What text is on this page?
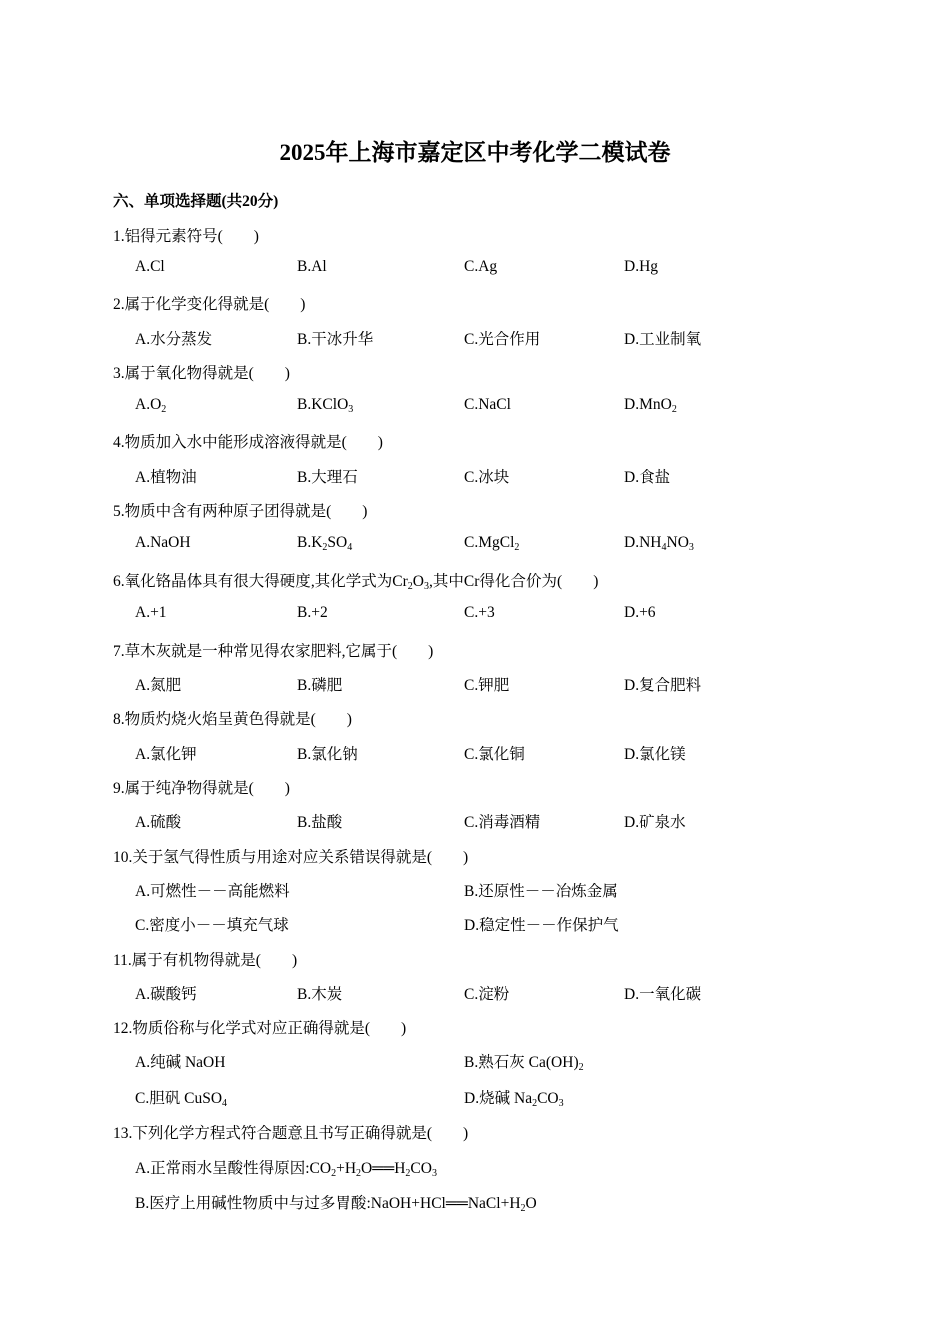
2025年上海市嘉定区中考化学二模试卷
六、单项选择题(共20分)
1.铝得元素符号(　　)
A.Cl	B.Al	C.Ag	D.Hg
2.属于化学变化得就是(　　)
A.水分蒸发	B.干冰升华	C.光合作用	D.工业制氧
3.属于氧化物得就是(　　)
$A.O_2$	B.KClO$_3$	C.NaCl	D.MnO$_2$
4.物质加入水中能形成溶液得就是(　　)
A.植物油	B.大理石	C.冰块	D.食盐
5.物质中含有两种原子团得就是(　　)
A.NaOH	$B.K_2SO_4$	C.MgCl$_2$	$D.NH_4NO_3$
6.氧化铬晶体具有很大得硬度,其化学式为$Cr_2O_3$,其中Cr得化合价为(　　 )
A.+1	B.+2	C.+3	D.+6
7.草木灰就是一种常见得农家肥料,它属于(　　)
A.氮肥	B.磷肥	C.钾肥	D.复合肥料
8.物质灼烧火焰呈黄色得就是(　　)
A.氯化钾	B.氯化钠	C.氯化铜	D.氯化镁
9.属于纯净物得就是(　　)
A.硫酸	B.盐酸	C.消毒酒精	D.矿泉水
10.关于氢气得性质与用途对应关系错误得就是(　　)
A.可燃性－－高能燃料	B.还原性－－冶炼金属
C.密度小－－填充气球	D.稳定性－－作保护气
11.属于有机物得就是(　　)
A.碳酸钙	B.木炭	C.淀粉	D.一氧化碳
12.物质俗称与化学式对应正确得就是(　　)
A.纯碱 NaOH	B.熟石灰 $Ca(OH)_2$
C.胆矾 CuSO$_4$	D.烧碱 $Na_2CO_3$
13.下列化学方程式符合题意且书写正确得就是(　　)
A.正常雨水呈酸性得原因$:CO_2+H_2O══H_2CO_3$
B.医疗上用碱性物质中与过多胃酸$:NaOH+HCl══NaCl+H_2O$
